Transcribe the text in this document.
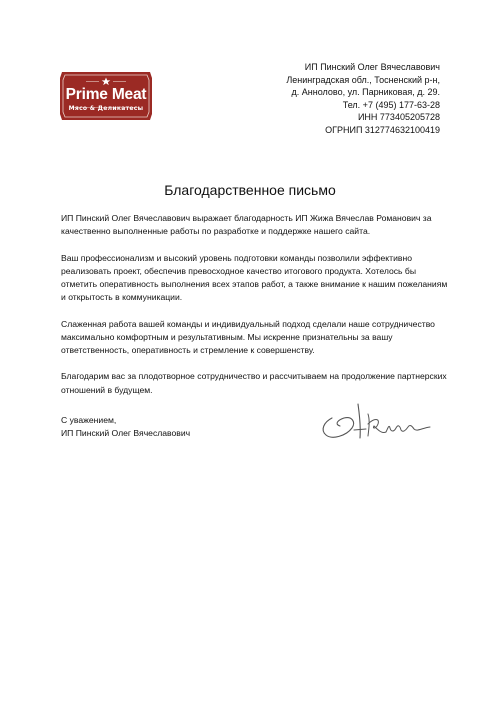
Prime Meat
Мясо & Деликатесы
ИП Пинский Олег Вячеславович
Ленинградская обл., Тосненский р-н,
д. Аннолово, ул. Парниковая, д. 29.
Тел. +7 (495) 177-63-28
ИНН 773405205728
ОГРНИП 312774632100419
Благодарственное письмо

ИП Пинский Олег Вячеславович выражает благодарность ИП Жижа Вячеслав Романович за качественно выполненные работы по разработке и поддержке нашего сайта.

Ваш профессионализм и высокий уровень подготовки команды позволили эффективно реализовать проект, обеспечив превосходное качество итогового продукта. Хотелось бы отметить оперативность выполнения всех этапов работ, а также внимание к нашим пожеланиям и открытость в коммуникации.

Слаженная работа вашей команды и индивидуальный подход сделали наше сотрудничество максимально комфортным и результативным. Мы искренне признательны за вашу ответственность, оперативность и стремление к совершенству.

Благодарим вас за плодотворное сотрудничество и рассчитываем на продолжение партнерских отношений в будущем.

С уважением,
ИП Пинский Олег Вячеславович
